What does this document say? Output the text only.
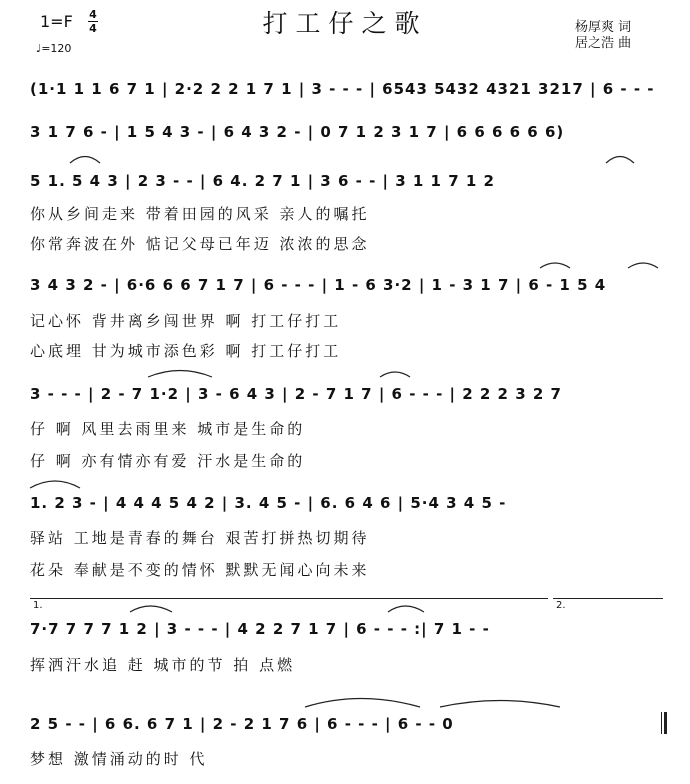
1=F 4
4
♩=120
打工仔之歌	杨厚爽 词
居之浩 曲
(1·1 1 1 6 7 1 | 2·2 2 2 1 7 1 | 3 - - - | 6543 5432 4321 3217 | 6 - - -
3 1 7 6 - | 1 5 4 3 - | 6 4 3 2 - | 0 7 1 2 3 1 7 | 6 6 6 6 6 6)
5 1. 5 4 3 | 2 3 - - | 6 4. 2 7 1 | 3 6 - - | 3 1 1 7 1 2
你从乡间走来 带着田园的风采 亲人的嘱托
你常奔波在外 惦记父母已年迈 浓浓的思念
3 4 3 2 - | 6·6 6 6 7 1 7 | 6 - - - | 1 - 6 3·2 | 1 - 3 1 7 | 6 - 1 5 4
记心怀 背井离乡闯世界 啊 打工仔打工
心底埋 甘为城市添色彩 啊 打工仔打工
3 - - - | 2 - 7 1·2 | 3 - 6 4 3 | 2 - 7 1 7 | 6 - - - | 2 2 2 3 2 7
仔 啊 风里去雨里来 城市是生命的
仔 啊 亦有情亦有爱 汗水是生命的
1. 2 3 - | 4 4 4 5 4 2 | 3. 4 5 - | 6. 6 4 6 | 5·4 3 4 5 -
驿站 工地是青春的舞台 艰苦打拼热切期待
花朵 奉献是不变的情怀 默默无闻心向未来
1.	2.
7·7 7 7 7 1 2 | 3 - - - | 4 2 2 7 1 7 | 6 - - - :| 7 1 - -
挥洒汗水追 赶 城市的节 拍 点燃
2 5 - - | 6 6. 6 7 1 | 2 - 2 1 7 6 | 6 - - - | 6 - - 0
梦想 激情涌动的时 代
